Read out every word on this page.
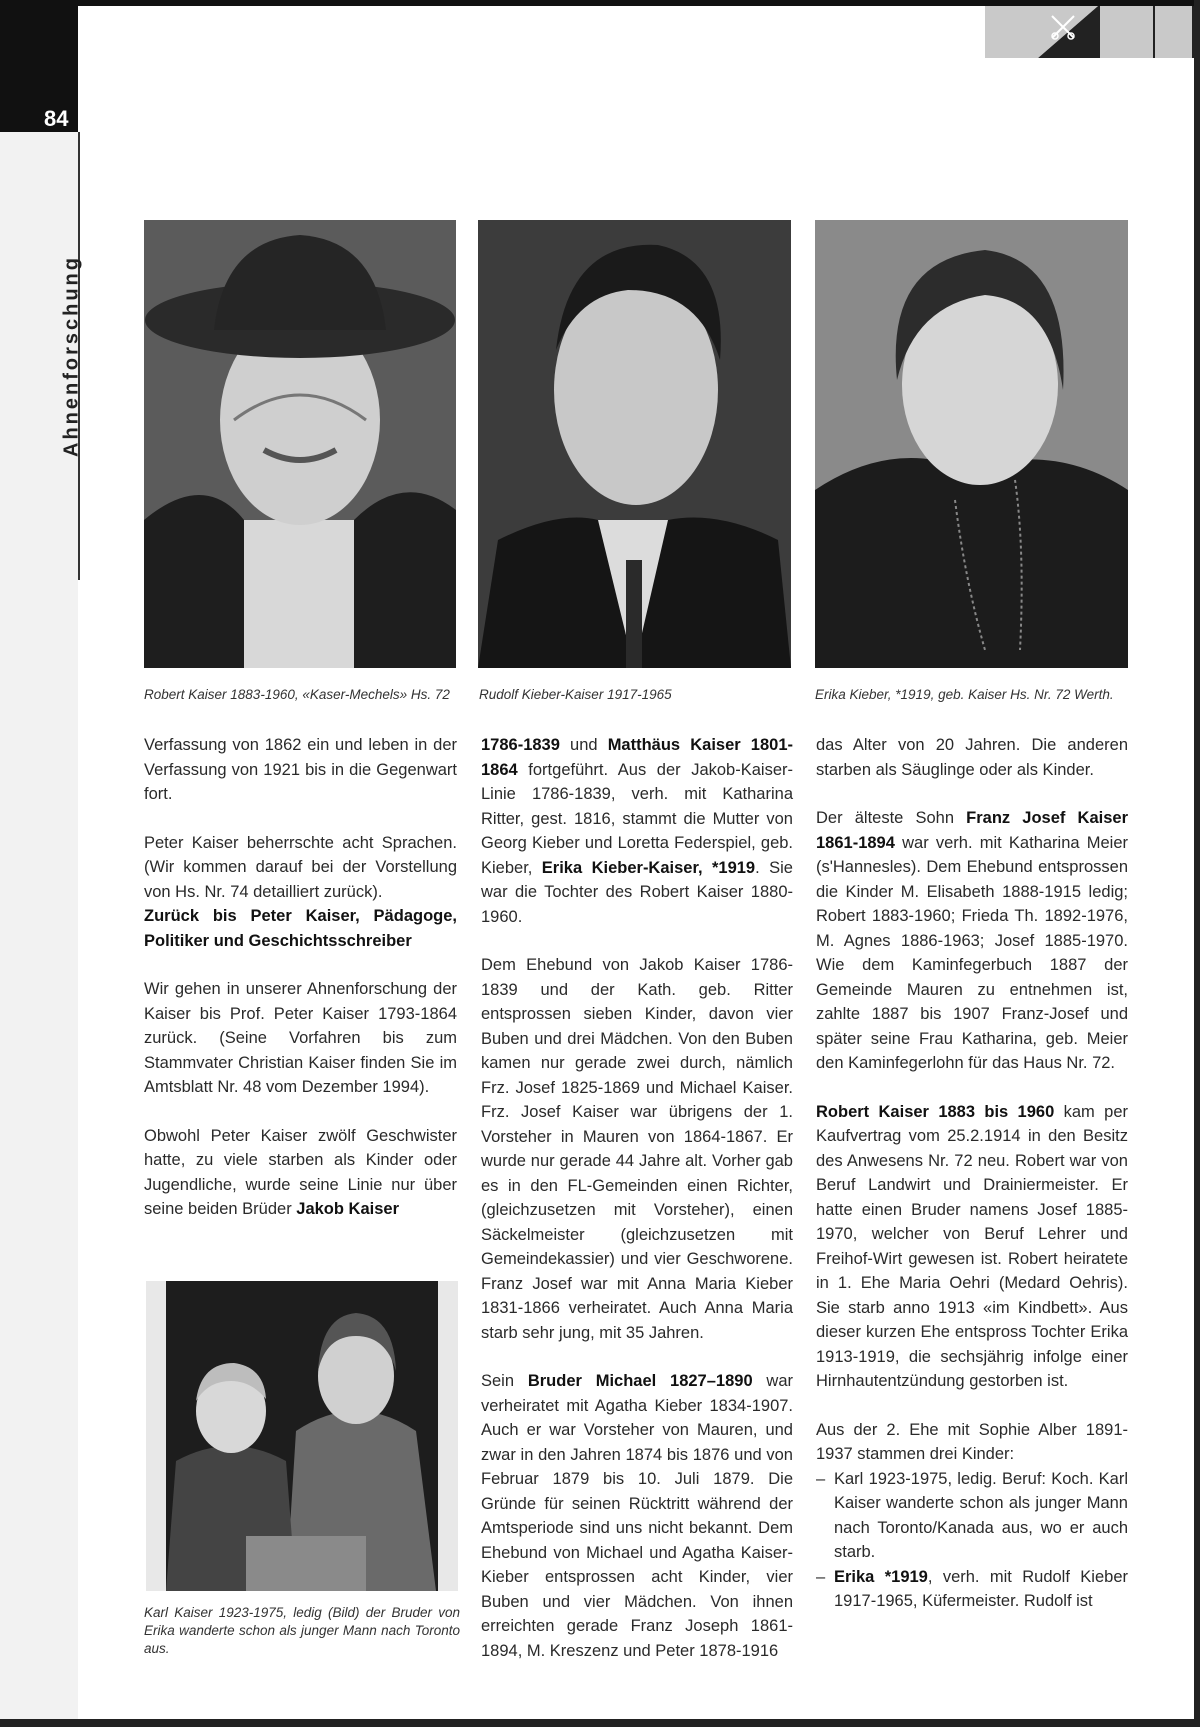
84
Ahnenforschung
Robert Kaiser 1883-1960, «Kaser-Mechels» Hs. 72	Rudolf Kieber-Kaiser 1917-1965	Erika Kieber, *1919, geb. Kaiser Hs. Nr. 72 Werth.
Karl Kaiser 1923-1975, ledig (Bild) der Bruder von Erika wanderte schon als junger Mann nach Toronto aus.

Verfassung von 1862 ein und leben in der Verfassung von 1921 bis in die Gegenwart fort.

Peter Kaiser beherrschte acht Sprachen. (Wir kommen darauf bei der Vorstellung von Hs. Nr. 74 detailliert zurück).

Zurück bis Peter Kaiser, Pädagoge, Politiker und Geschichtsschreiber

Wir gehen in unserer Ahnenforschung der Kaiser bis Prof. Peter Kaiser 1793-1864 zurück. (Seine Vorfahren bis zum Stammvater Christian Kaiser finden Sie im Amtsblatt Nr. 48 vom Dezember 1994).

Obwohl Peter Kaiser zwölf Geschwister hatte, zu viele starben als Kinder oder Jugendliche, wurde seine Linie nur über seine beiden Brüder Jakob Kaiser

1786-1839 und Matthäus Kaiser 1801-1864 fortgeführt. Aus der Jakob-Kaiser-Linie 1786-1839, verh. mit Katharina Ritter, gest. 1816, stammt die Mutter von Georg Kieber und Loretta Federspiel, geb. Kieber, Erika Kieber-Kaiser, *1919. Sie war die Tochter des Robert Kaiser 1880-1960.

Dem Ehebund von Jakob Kaiser 1786-1839 und der Kath. geb. Ritter entsprossen sieben Kinder, davon vier Buben und drei Mädchen. Von den Buben kamen nur gerade zwei durch, nämlich Frz. Josef 1825-1869 und Michael Kaiser. Frz. Josef Kaiser war übrigens der 1. Vorsteher in Mauren von 1864-1867. Er wurde nur gerade 44 Jahre alt. Vorher gab es in den FL-Gemeinden einen Richter, (gleichzusetzen mit Vorsteher), einen Säckelmeister (gleichzusetzen mit Gemeindekassier) und vier Geschworene. Franz Josef war mit Anna Maria Kieber 1831-1866 verheiratet. Auch Anna Maria starb sehr jung, mit 35 Jahren.

Sein Bruder Michael 1827–1890 war verheiratet mit Agatha Kieber 1834-1907. Auch er war Vorsteher von Mauren, und zwar in den Jahren 1874 bis 1876 und von Februar 1879 bis 10. Juli 1879. Die Gründe für seinen Rücktritt während der Amtsperiode sind uns nicht bekannt. Dem Ehebund von Michael und Agatha Kaiser-Kieber entsprossen acht Kinder, vier Buben und vier Mädchen. Von ihnen erreichten gerade Franz Joseph 1861-1894, M. Kreszenz und Peter 1878-1916

das Alter von 20 Jahren. Die anderen starben als Säuglinge oder als Kinder.

Der älteste Sohn Franz Josef Kaiser 1861-1894 war verh. mit Katharina Meier (s'Hanneslеs). Dem Ehebund entsprossen die Kinder M. Elisabeth 1888-1915 ledig; Robert 1883-1960; Frieda Th. 1892-1976, M. Agnes 1886-1963; Josef 1885-1970. Wie dem Kaminfegerbuch 1887 der Gemeinde Mauren zu entnehmen ist, zahlte 1887 bis 1907 Franz-Josef und später seine Frau Katharina, geb. Meier den Kaminfegerlohn für das Haus Nr. 72.

Robert Kaiser 1883 bis 1960 kam per Kaufvertrag vom 25.2.1914 in den Besitz des Anwesens Nr. 72 neu. Robert war von Beruf Landwirt und Drainiermeister. Er hatte einen Bruder namens Josef 1885-1970, welcher von Beruf Lehrer und Freihof-Wirt gewesen ist. Robert heiratete in 1. Ehe Maria Oehri (Medard Oehris). Sie starb anno 1913 «im Kindbett». Aus dieser kurzen Ehe entspross Tochter Erika 1913-1919, die sechsjährig infolge einer Hirnhautentzündung gestorben ist.

Aus der 2. Ehe mit Sophie Alber 1891-1937 stammen drei Kinder:

– Karl 1923-1975, ledig. Beruf: Koch. Karl Kaiser wanderte schon als junger Mann nach Toronto/Kanada aus, wo er auch starb.
– Erika *1919, verh. mit Rudolf Kieber 1917-1965, Küfermeister. Rudolf ist
